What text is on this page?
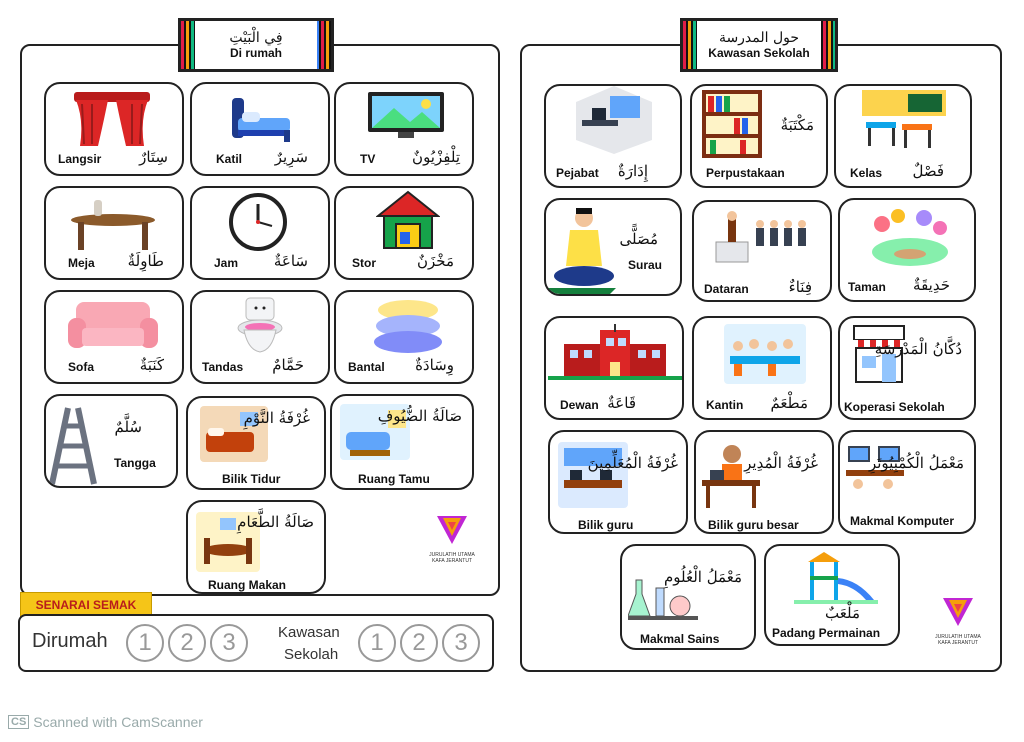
فِي الْبَيْتِ
Di rumah
Langsir	سِتَارٌ	Katil سَرِيرٌ	TV تِلْفِزْيُونٌ
Meja طَاوِلَةٌ	Jam سَاعَةٌ	Stor	مَخْزَنٌ
Sofa	كَنَبَةٌ	Tandas حَمَّامٌ	Bantal وِسَادَةٌ
سُلَّمٌ
Tangga
غُرْفَةُ النَّوْمِ
Bilik Tidur
صَالَةُ الضُّيُوفِ
Ruang Tamu
صَالَةُ الطَّعَامِ
Ruang Makan
JURULATIH UTAMA
KAFA JERANTUT
SENARAI SEMAK
Dirumah	1	2	3	Kawasan
Sekolah	1	2	3
حول المدرسة
Kawasan Sekolah
Pejabat إِدَارَةٌ
مَكْتَبَةٌ
Perpustakaan	Kelas فَصْلٌ
مُصَلًّى
Surau
Dataran	فِنَاءٌ	Taman حَدِيقَةٌ
Dewan قَاعَةٌ	Kantin مَطْعَمٌ
دُكَّانُ الْمَدْرَسَةِ
Koperasi Sekolah
غُرْفَةُ الْمُعَلِّمِينَ
Bilik guru
غُرْفَةُ الْمُدِيرِ
Bilik guru besar
مَعْمَلُ الْكُمْبِيُوتَرِ
Makmal Komputer
مَعْمَلُ الْعُلُومِ
Makmal Sains
مَلْعَبٌ
Padang Permainan	JURULATIH UTAMA
KAFA JERANTUT
CS Scanned with CamScanner
